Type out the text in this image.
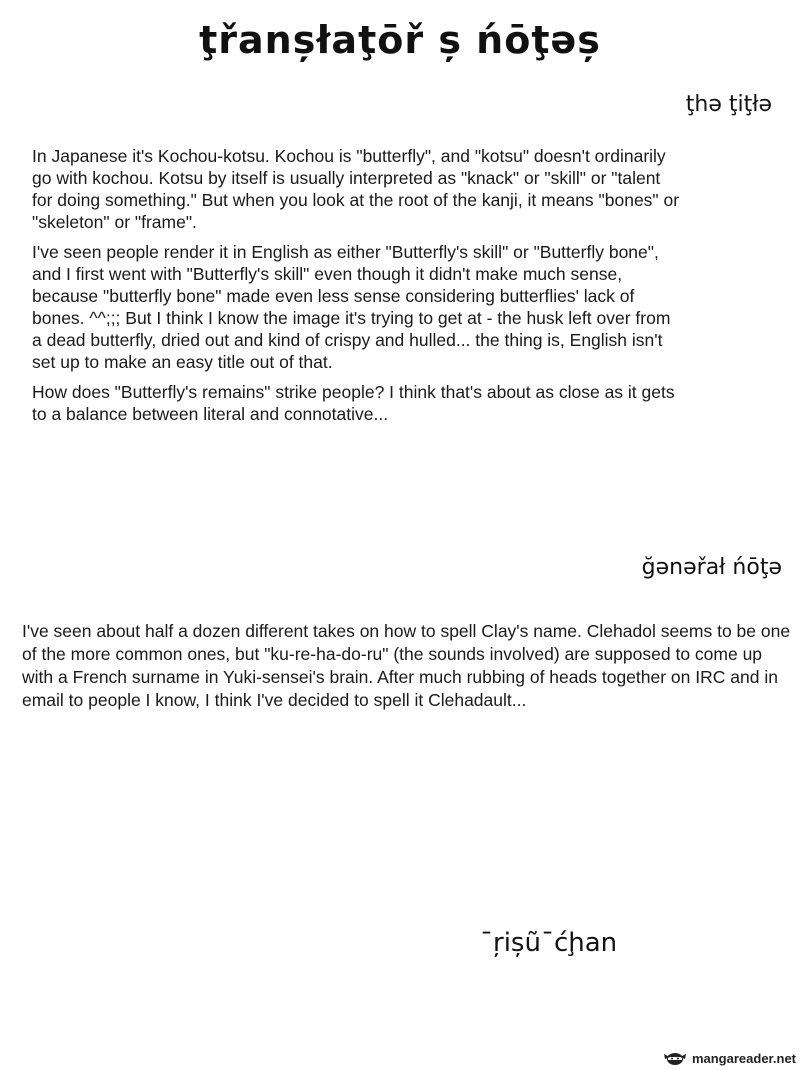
ţřanșłaţōř ș ńōţəș
ţhə ţiţłə

In Japanese it's Kochou-kotsu. Kochou is "butterfly", and "kotsu" doesn't ordinarily go with kochou. Kotsu by itself is usually interpreted as "knack" or "skill" or "talent for doing something." But when you look at the root of the kanji, it means "bones" or "skeleton" or "frame".

I've seen people render it in English as either "Butterfly's skill" or "Butterfly bone", and I first went with "Butterfly's skill" even though it didn't make much sense, because "butterfly bone" made even less sense considering butterflies' lack of bones. ^^;;; But I think I know the image it's trying to get at - the husk left over from a dead butterfly, dried out and kind of crispy and hulled... the thing is, English isn't set up to make an easy title out of that.

How does "Butterfly's remains" strike people? I think that's about as close as it gets to a balance between literal and connotative...

ğənəřał ńōţə

I've seen about half a dozen different takes on how to spell Clay's name. Clehadol seems to be one of the more common ones, but "ku-re-ha-do-ru" (the sounds involved) are supposed to come up with a French surname in Yuki-sensei's brain. After much rubbing of heads together on IRC and in email to people I know, I think I've decided to spell it Clehadault...

ˉŗișũˉćḩan
mangareader.net
